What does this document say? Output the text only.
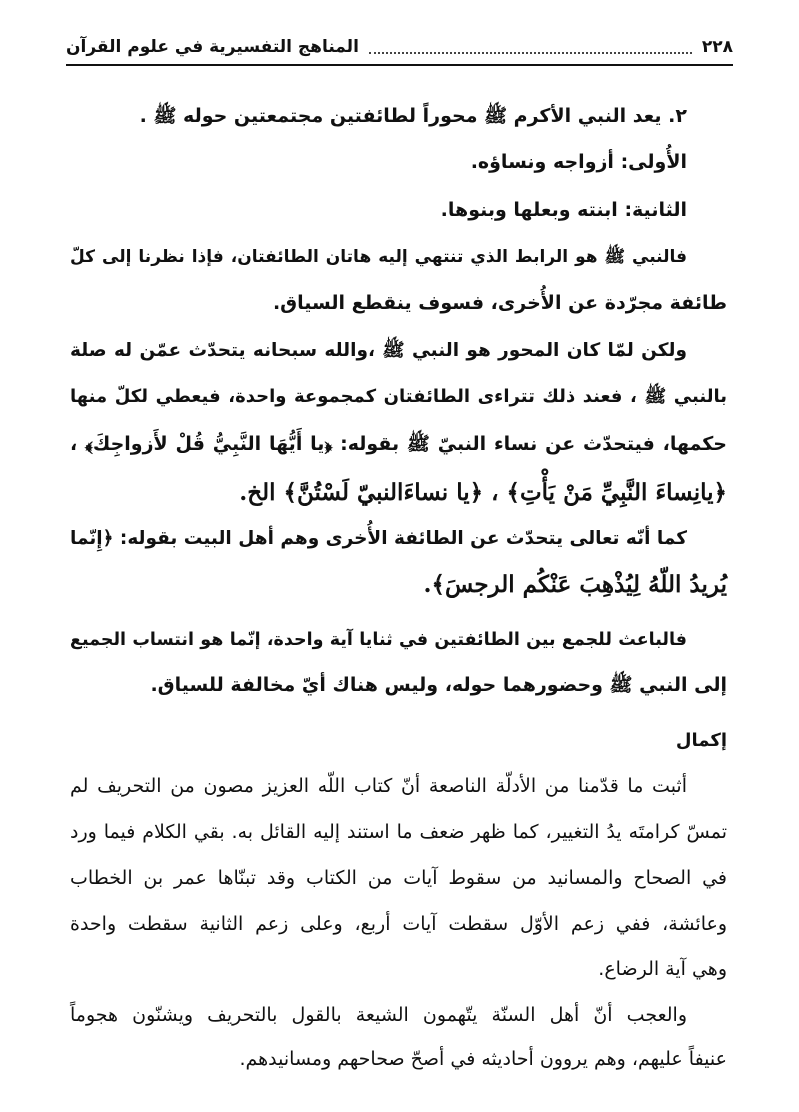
٢٢٨
المناهج التفسيرية في علوم القرآن
٢. يعد النبي الأكرم ﷺ محوراً لطائفتين مجتمعتين حوله ﷺ .
الأُولى: أزواجه ونساؤه.
الثانية: ابنته وبعلها وبنوها.
فالنبي ﷺ هو الرابط الذي تنتهي إليه هاتان الطائفتان، فإذا نظرنا إلى كلّ
طائفة مجرّدة عن الأُخرى، فسوف ينقطع السياق.
ولكن لمّا كان المحور هو النبي ﷺ ،والله سبحانه يتحدّث عمّن له صلة
بالنبي ﷺ ، فعند ذلك تتراءى الطائفتان كمجموعة واحدة، فيعطي لكلّ منها
حكمها، فيتحدّث عن نساء النبيّ ﷺ بقوله: ﴿يا أَيُّهَا النَّبِيُّ قُلْ لأَزواجِكَ﴾ ،
﴿يانِساءَ النَّبِيِّ مَنْ يَأْتِ﴾ ، ﴿يا نساءَالنبيّ لَسْتُنَّ﴾ الخ.
كما أنّه تعالى يتحدّث عن الطائفة الأُخرى وهم أهل البيت بقوله: ﴿إِنّما
يُريدُ اللّهُ لِيُذْهِبَ عَنْكُم الرجسَ﴾.
فالباعث للجمع بين الطائفتين في ثنايا آية واحدة، إنّما هو انتساب الجميع
إلى النبي ﷺ وحضورهما حوله، وليس هناك أيّ مخالفة للسياق.
إكمال
أثبت ما قدّمنا من الأدلّة الناصعة أنّ كتاب اللّه العزيز مصون من التحريف لم
تمسّ كرامتَه يدُ التغيير، كما ظهر ضعف ما استند إليه القائل به. بقي الكلام فيما ورد
في الصحاح والمسانيد من سقوط آيات من الكتاب وقد تبنّاها عمر بن الخطاب
وعائشة، ففي زعم الأوّل سقطت آيات أربع، وعلى زعم الثانية سقطت واحدة
وهي آية الرضاع.
والعجب أنّ أهل السنّة يتّهمون الشيعة بالقول بالتحريف ويشنّون هجوماً
عنيفاً عليهم، وهم يروون أحاديثه في أصحّ صحاحهم ومسانيدهم.
